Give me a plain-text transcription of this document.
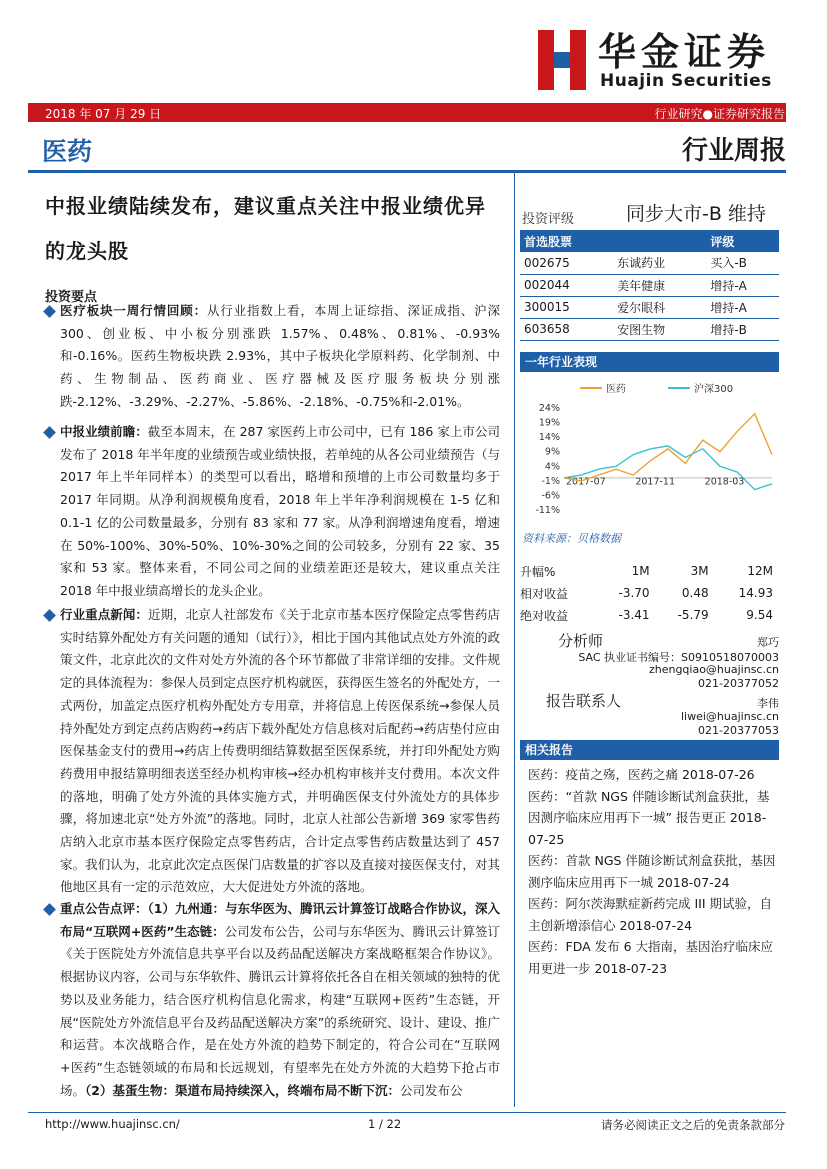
华金证券
Huajin Securities
2018 年 07 月 29 日	行业研究●证券研究报告
医药	行业周报
中报业绩陆续发布，建议重点关注中报业绩优异的龙头股
投资要点

医疗板块一周行情回顾：从行业指数上看，本周上证综指、深证成指、沪深300、创业板、中小板分别涨跌 1.57%、0.48%、0.81%、-0.93%和-0.16%。医药生物板块跌 2.93%，其中子板块化学原料药、化学制剂、中药、生物制品、医药商业、医疗器械及医疗服务板块分别涨跌-2.12%、-3.29%、-2.27%、-5.86%、-2.18%、-0.75%和-2.01%。

中报业绩前瞻：截至本周末，在 287 家医药上市公司中，已有 186 家上市公司发布了 2018 年半年度的业绩预告或业绩快报，若单纯的从各公司业绩预告（与 2017 年上半年同样本）的类型可以看出，略增和预增的上市公司数量均多于 2017 年同期。从净利润规模角度看，2018 年上半年净利润规模在 1-5 亿和 0.1-1 亿的公司数量最多，分别有 83 家和 77 家。从净利润增速角度看，增速在 50%-100%、30%-50%、10%-30%之间的公司较多，分别有 22 家、35 家和 53 家。整体来看，不同公司之间的业绩差距还是较大，建议重点关注 2018 年中报业绩高增长的龙头企业。

行业重点新闻：近期，北京人社部发布《关于北京市基本医疗保险定点零售药店实时结算外配处方有关问题的通知（试行）》，相比于国内其他试点处方外流的政策文件，北京此次的文件对处方外流的各个环节都做了非常详细的安排。文件规定的具体流程为：参保人员到定点医疗机构就医，获得医生签名的外配处方，一式两份，加盖定点医疗机构外配处方专用章，并将信息上传医保系统→参保人员持外配处方到定点药店购药→药店下载外配处方信息核对后配药→药店垫付应由医保基金支付的费用→药店上传费明细结算数据至医保系统，并打印外配处方购药费用申报结算明细表送至经办机构审核→经办机构审核并支付费用。本次文件的落地，明确了处方外流的具体实施方式，并明确医保支付外流处方的具体步骤，将加速北京“处方外流”的落地。同时，北京人社部公告新增 369 家零售药店纳入北京市基本医疗保险定点零售药店，合计定点零售药店数量达到了 457 家。我们认为，北京此次定点医保门店数量的扩容以及直接对接医保支付，对其他地区具有一定的示范效应，大大促进处方外流的落地。

重点公告点评：（1）九州通：与东华医为、腾讯云计算签订战略合作协议，深入布局“互联网+医药”生态链：公司发布公告，公司与东华医为、腾讯云计算签订《关于医院处方外流信息共享平台以及药品配送解决方案战略框架合作协议》。根据协议内容，公司与东华软件、腾讯云计算将依托各自在相关领域的独特的优势以及业务能力，结合医疗机构信息化需求，构建“互联网+医药”生态链，开展“医院处方外流信息平台及药品配送解决方案”的系统研究、设计、建设、推广和运营。本次战略合作，是在处方外流的趋势下制定的，符合公司在“互联网+医药”生态链领域的布局和长远规划，有望率先在处方外流的大趋势下抢占市场。（2）基蛋生物：渠道布局持续深入，终端布局不断下沉：公司发布公

投资评级	同步大市-B 维持
首选股票		评级
002675	东诚药业	买入-B
002044	美年健康	增持-A
300015	爱尔眼科	增持-A
603658	安图生物	增持-B
一年行业表现
医药	沪深300
24%
19%
14%
9%
4%
-1%
-6%
-11%
2017-07	2017-11	2018-03
资料来源：贝格数据
升幅%	1M	3M	12M
相对收益	-3.70	0.48	14.93
绝对收益	-3.41	-5.79	9.54
分析师	郑巧
SAC 执业证书编号：S0910518070003
zhengqiao@huajinsc.cn
021-20377052
报告联系人	李伟
liwei@huajinsc.cn
021-20377053
相关报告
医药：疫苗之殇，医药之痛 2018-07-26
医药：“首款 NGS 伴随诊断试剂盒获批，基因测序临床应用再下一城” 报告更正 2018-07-25
医药：首款 NGS 伴随诊断试剂盒获批，基因测序临床应用再下一城 2018-07-24
医药：阿尔茨海默症新药完成 III 期试验，自主创新增添信心 2018-07-24
医药：FDA 发布 6 大指南，基因治疗临床应用更进一步 2018-07-23
http://www.huajinsc.cn/	1 / 22	请务必阅读正文之后的免责条款部分
